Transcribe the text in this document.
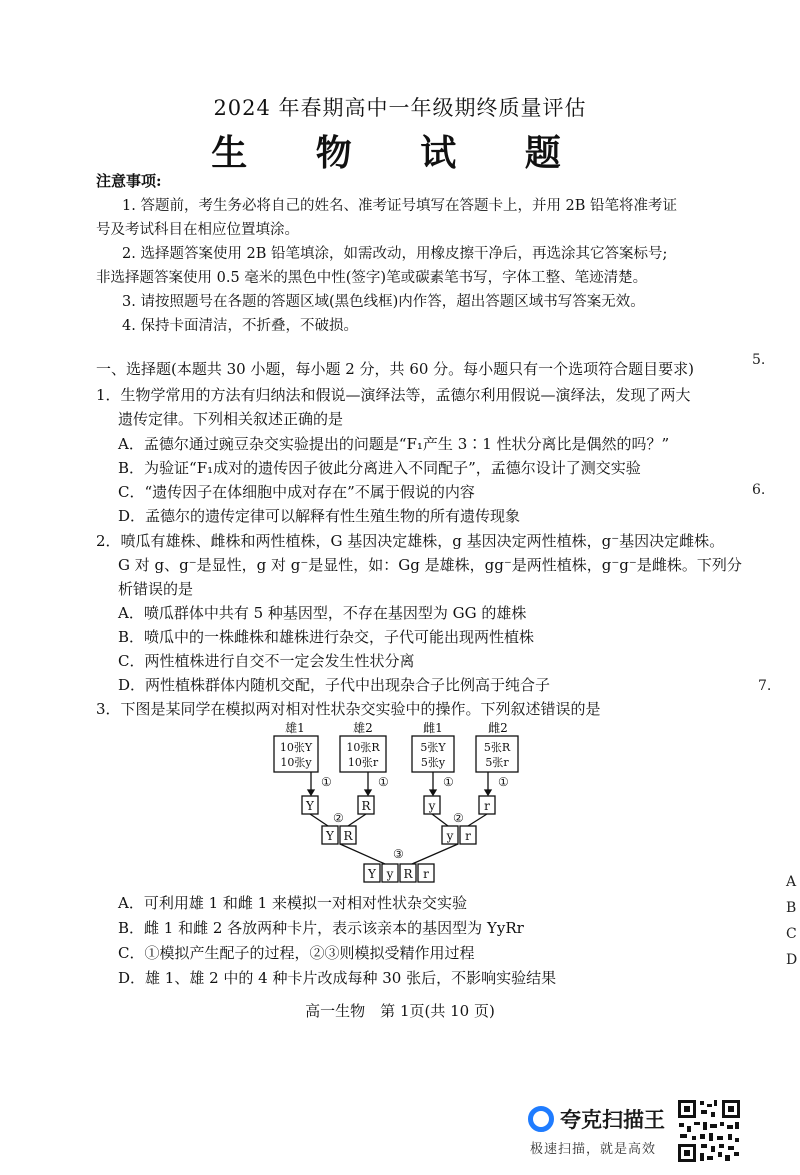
2024 年春期高中一年级期终质量评估
生 物 试 题
注意事项:
1. 答题前，考生务必将自己的姓名、准考证号填写在答题卡上，并用 2B 铅笔将准考证
号及考试科目在相应位置填涂。
2. 选择题答案使用 2B 铅笔填涂，如需改动，用橡皮擦干净后，再选涂其它答案标号;
非选择题答案使用 0.5 毫米的黑色中性(签字)笔或碳素笔书写，字体工整、笔迹清楚。
3. 请按照题号在各题的答题区域(黑色线框)内作答，超出答题区域书写答案无效。
4. 保持卡面清洁，不折叠，不破损。
一、选择题(本题共 30 小题，每小题 2 分，共 60 分。每小题只有一个选项符合题目要求)
1．生物学常用的方法有归纳法和假说—演绎法等，孟德尔利用假说—演绎法，发现了两大
遗传定律。下列相关叙述正确的是
A．孟德尔通过豌豆杂交实验提出的问题是“F₁产生 3∶1 性状分离比是偶然的吗？”
B．为验证“F₁成对的遗传因子彼此分离进入不同配子”，孟德尔设计了测交实验
C．“遗传因子在体细胞中成对存在”不属于假说的内容
D．孟德尔的遗传定律可以解释有性生殖生物的所有遗传现象
2．喷瓜有雄株、雌株和两性植株，G 基因决定雄株，g 基因决定两性植株，g⁻基因决定雌株。
G 对 g、g⁻是显性，g 对 g⁻是显性，如：Gg 是雄株，gg⁻是两性植株，g⁻g⁻是雌株。下列分
析错误的是
A．喷瓜群体中共有 5 种基因型，不存在基因型为 GG 的雄株
B．喷瓜中的一株雌株和雄株进行杂交，子代可能出现两性植株
C．两性植株进行自交不一定会发生性状分离
D．两性植株群体内随机交配，子代中出现杂合子比例高于纯合子
3．下图是某同学在模拟两对相对性状杂交实验中的操作。下列叙述错误的是
雄1	雄2	雌1	雌2
10张Y
10张y
10张R
10张r
5张Y
5张y
5张R
5张r
①	①	①	①
Y	R	y	r
②	②
Y R	y r
③
Y y R r
A．可利用雄 1 和雌 1 来模拟一对相对性状杂交实验
B．雌 1 和雌 2 各放两种卡片，表示该亲本的基因型为 YyRr
C．①模拟产生配子的过程，②③则模拟受精作用过程
D．雄 1、雄 2 中的 4 种卡片改成每种 30 张后，不影响实验结果
5.
6.
7.
A
B
C
D
高一生物　第 1页(共 10 页)
夸克扫描王
极速扫描，就是高效
